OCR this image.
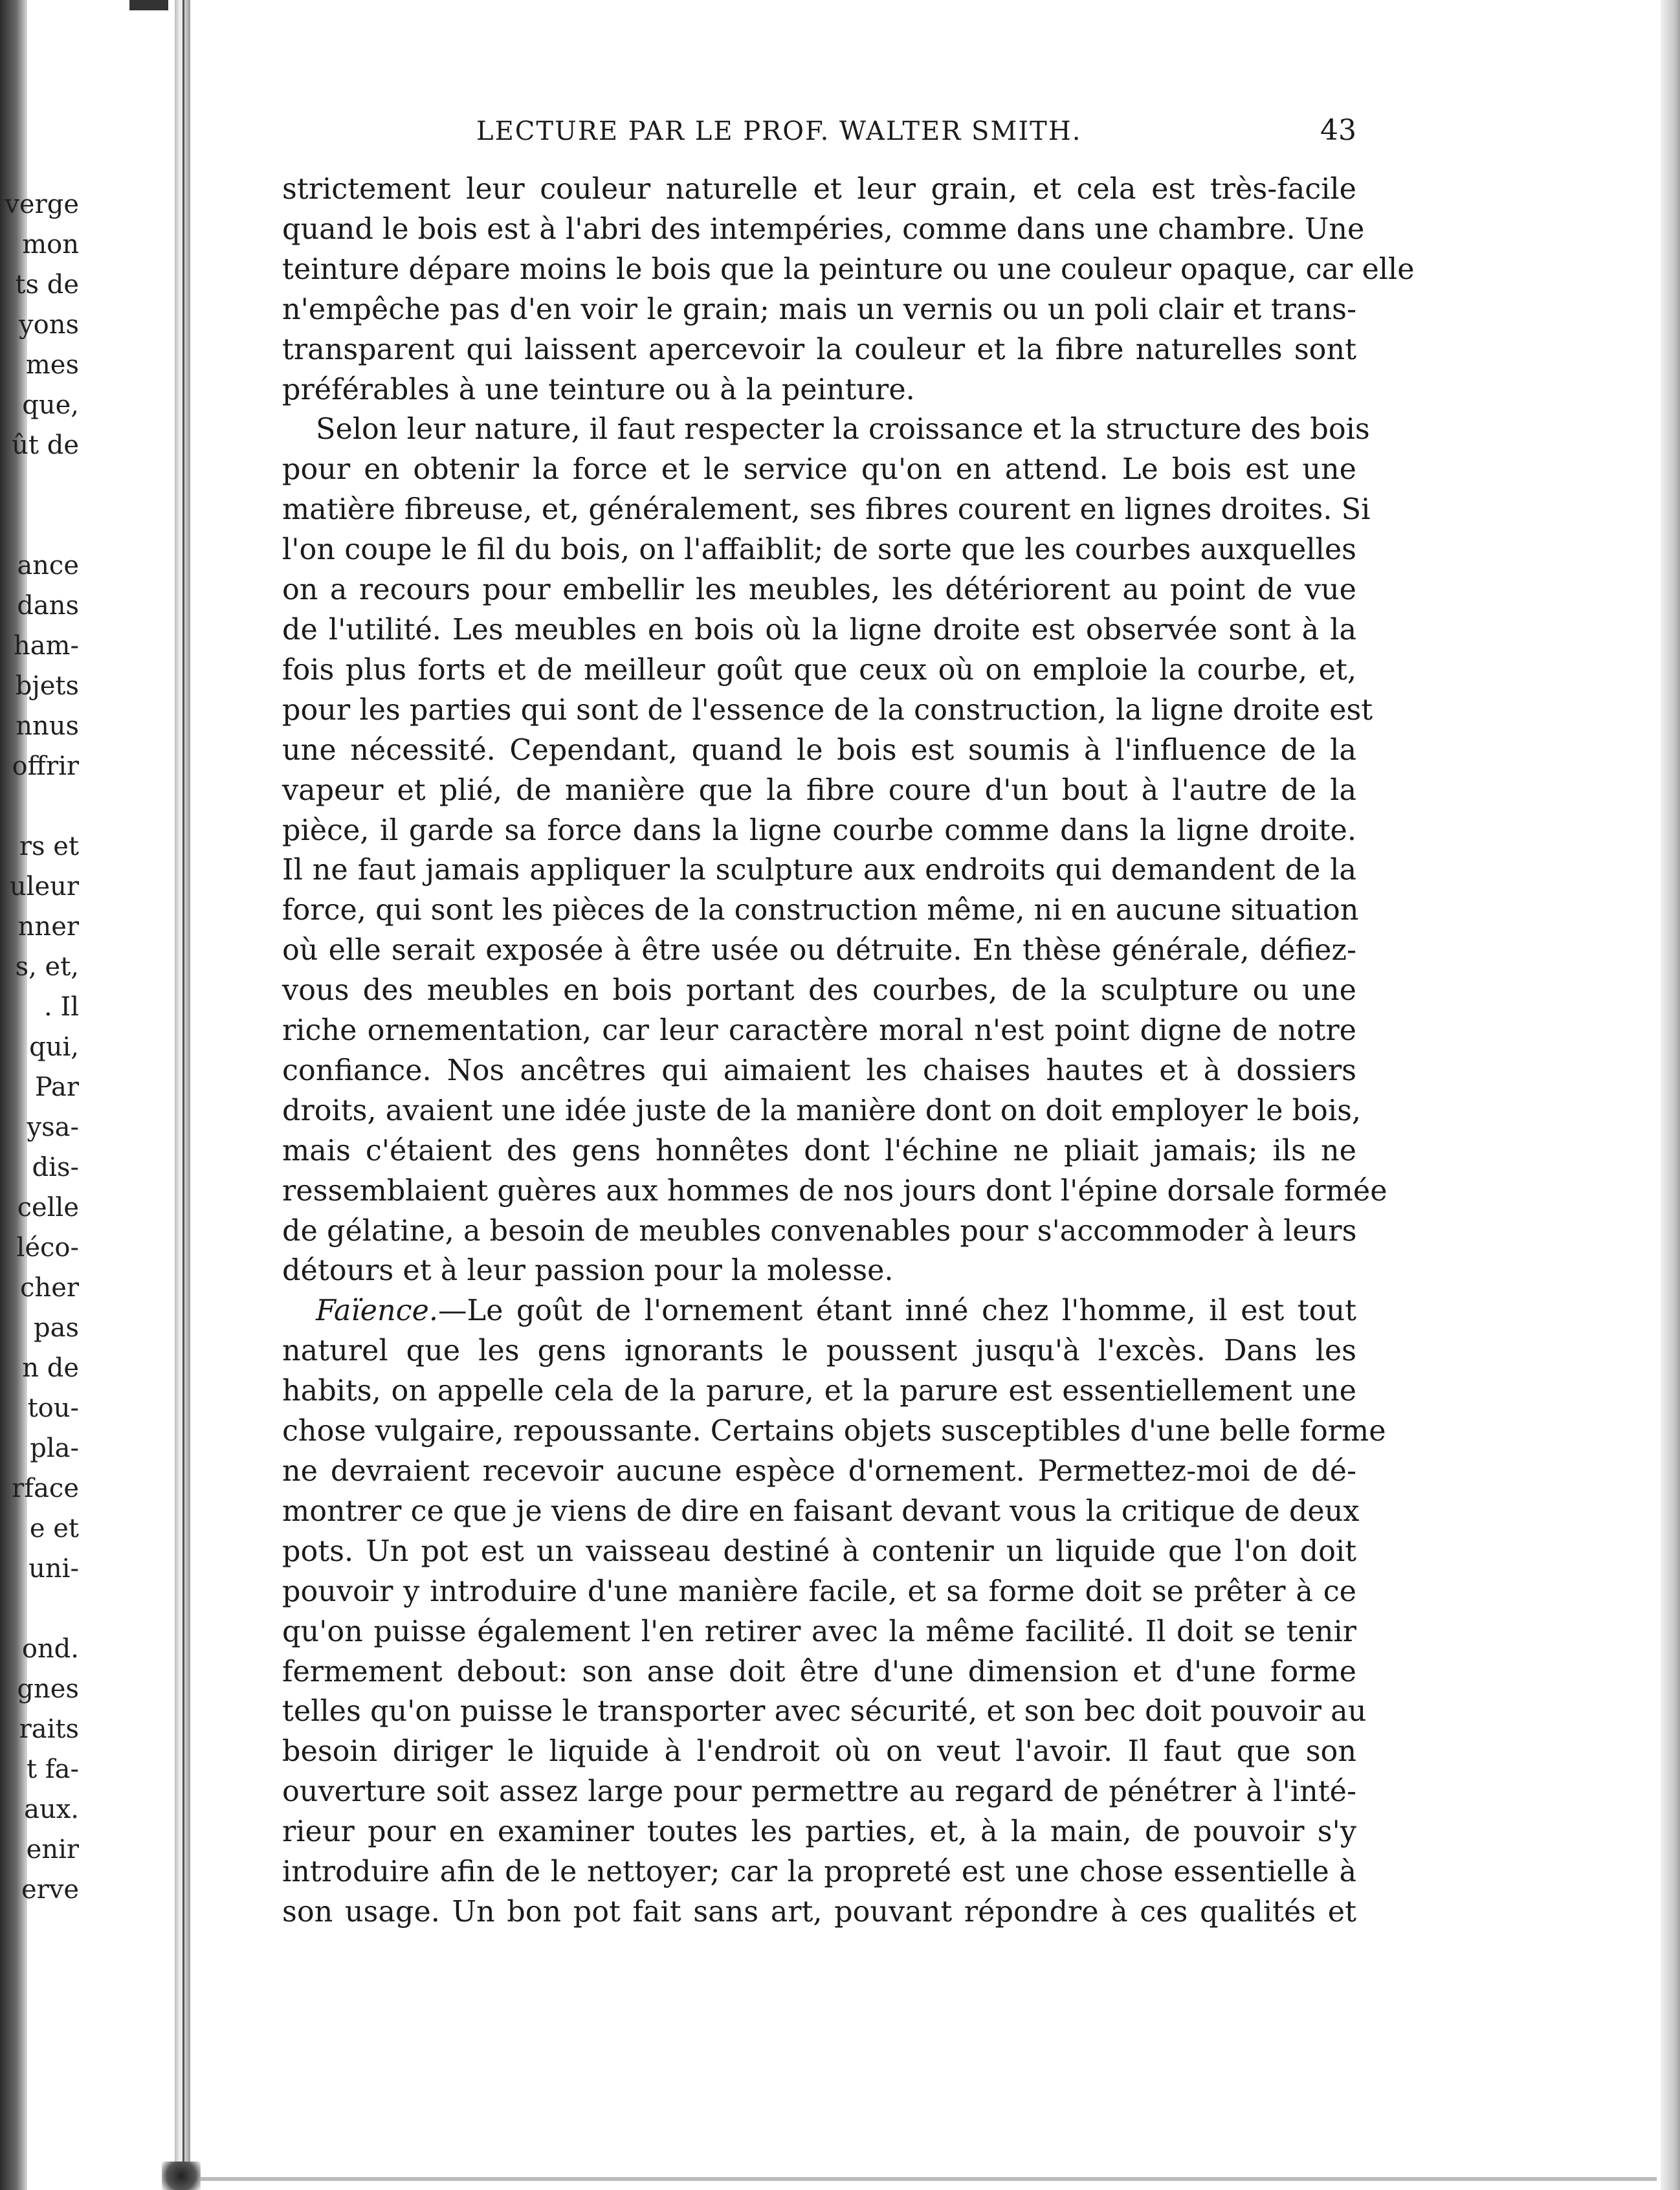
verge
mon
ts de
yons
mes
que,
ût de
ance
dans
ham-
bjets
nnus
offrir
rs et
uleur
nner
s, et,
. Il
qui,
Par
ysa-
dis-
celle
léco-
cher
pas
n de
tou-
pla-
rface
e et
uni-
ond.
gnes
raits
t fa-
aux.
enir
erve
LECTURE PAR LE PROF. WALTER SMITH.	43
strictement leur couleur naturelle et leur grain, et cela est très-facile
quand le bois est à l'abri des intempéries, comme dans une chambre. Une
teinture dépare moins le bois que la peinture ou une couleur opaque, car elle
n'empêche pas d'en voir le grain; mais un vernis ou un poli clair et trans-
transparent qui laissent apercevoir la couleur et la fibre naturelles sont
préférables à une teinture ou à la peinture.
Selon leur nature, il faut respecter la croissance et la structure des bois
pour en obtenir la force et le service qu'on en attend. Le bois est une
matière fibreuse, et, généralement, ses fibres courent en lignes droites. Si
l'on coupe le fil du bois, on l'affaiblit; de sorte que les courbes auxquelles
on a recours pour embellir les meubles, les détériorent au point de vue
de l'utilité. Les meubles en bois où la ligne droite est observée sont à la
fois plus forts et de meilleur goût que ceux où on emploie la courbe, et,
pour les parties qui sont de l'essence de la construction, la ligne droite est
une nécessité. Cependant, quand le bois est soumis à l'influence de la
vapeur et plié, de manière que la fibre coure d'un bout à l'autre de la
pièce, il garde sa force dans la ligne courbe comme dans la ligne droite.
Il ne faut jamais appliquer la sculpture aux endroits qui demandent de la
force, qui sont les pièces de la construction même, ni en aucune situation
où elle serait exposée à être usée ou détruite. En thèse générale, défiez-
vous des meubles en bois portant des courbes, de la sculpture ou une
riche ornementation, car leur caractère moral n'est point digne de notre
confiance. Nos ancêtres qui aimaient les chaises hautes et à dossiers
droits, avaient une idée juste de la manière dont on doit employer le bois,
mais c'étaient des gens honnêtes dont l'échine ne pliait jamais; ils ne
ressemblaient guères aux hommes de nos jours dont l'épine dorsale formée
de gélatine, a besoin de meubles convenables pour s'accommoder à leurs
détours et à leur passion pour la molesse.
Faïence.—Le goût de l'ornement étant inné chez l'homme, il est tout
naturel que les gens ignorants le poussent jusqu'à l'excès. Dans les
habits, on appelle cela de la parure, et la parure est essentiellement une
chose vulgaire, repoussante. Certains objets susceptibles d'une belle forme
ne devraient recevoir aucune espèce d'ornement. Permettez-moi de dé-
montrer ce que je viens de dire en faisant devant vous la critique de deux
pots. Un pot est un vaisseau destiné à contenir un liquide que l'on doit
pouvoir y introduire d'une manière facile, et sa forme doit se prêter à ce
qu'on puisse également l'en retirer avec la même facilité. Il doit se tenir
fermement debout: son anse doit être d'une dimension et d'une forme
telles qu'on puisse le transporter avec sécurité, et son bec doit pouvoir au
besoin diriger le liquide à l'endroit où on veut l'avoir. Il faut que son
ouverture soit assez large pour permettre au regard de pénétrer à l'inté-
rieur pour en examiner toutes les parties, et, à la main, de pouvoir s'y
introduire afin de le nettoyer; car la propreté est une chose essentielle à
son usage. Un bon pot fait sans art, pouvant répondre à ces qualités et
